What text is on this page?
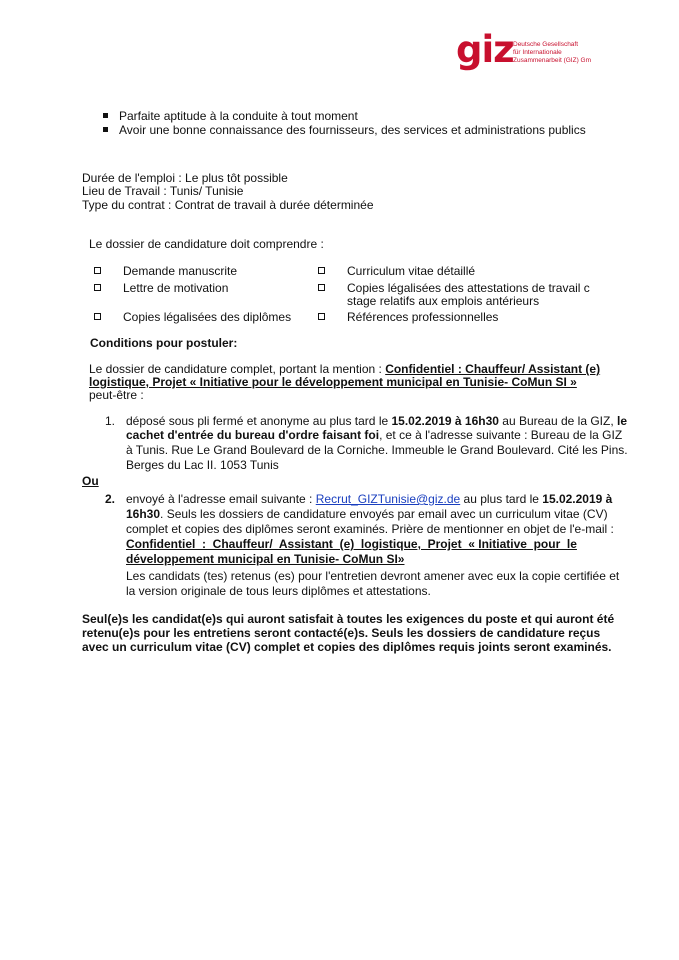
giz Deutsche Gesellschaft
für Internationale
Zusammenarbeit (GIZ) Gm
Parfaite aptitude à la conduite à tout moment
Avoir une bonne connaissance des fournisseurs, des services et administrations publics
Durée de l'emploi : Le plus tôt possible
Lieu de Travail : Tunis/ Tunisie
Type du contrat : Contrat de travail à durée déterminée
Le dossier de candidature doit comprendre :
Demande manuscrite	Curriculum vitae détaillé
Lettre de motivation	Copies légalisées des attestations de travail c
stage relatifs aux emplois antérieurs
Copies légalisées des diplômes	Références professionnelles
Conditions pour postuler:
Le dossier de candidature complet, portant la mention : Confidentiel : Chauffeur/ Assistant (e)
logistique, Projet « Initiative pour le développement municipal en Tunisie- CoMun SI »
peut-être :
1. déposé sous pli fermé et anonyme au plus tard le 15.02.2019 à 16h30 au Bureau de la GIZ, le
cachet d'entrée du bureau d'ordre faisant foi, et ce à l'adresse suivante : Bureau de la GIZ
à Tunis. Rue Le Grand Boulevard de la Corniche. Immeuble le Grand Boulevard. Cité les Pins.
Berges du Lac II. 1053 Tunis
Ou
2. envoyé à l'adresse email suivante : Recrut_GIZTunisie@giz.de au plus tard le 15.02.2019 à
16h30. Seuls les dossiers de candidature envoyés par email avec un curriculum vitae (CV)
complet et copies des diplômes seront examinés. Prière de mentionner en objet de l'e-mail :
Confidentiel  :  Chauffeur/  Assistant  (e)  logistique,  Projet  « Initiative  pour  le
développement municipal en Tunisie- CoMun SI»
Les candidats (tes) retenus (es) pour l'entretien devront amener avec eux la copie certifiée et
la version originale de tous leurs diplômes et attestations.
Seul(e)s les candidat(e)s qui auront satisfait à toutes les exigences du poste et qui auront été
retenu(e)s pour les entretiens seront contacté(e)s. Seuls les dossiers de candidature reçus
avec un curriculum vitae (CV) complet et copies des diplômes requis joints seront examinés.
